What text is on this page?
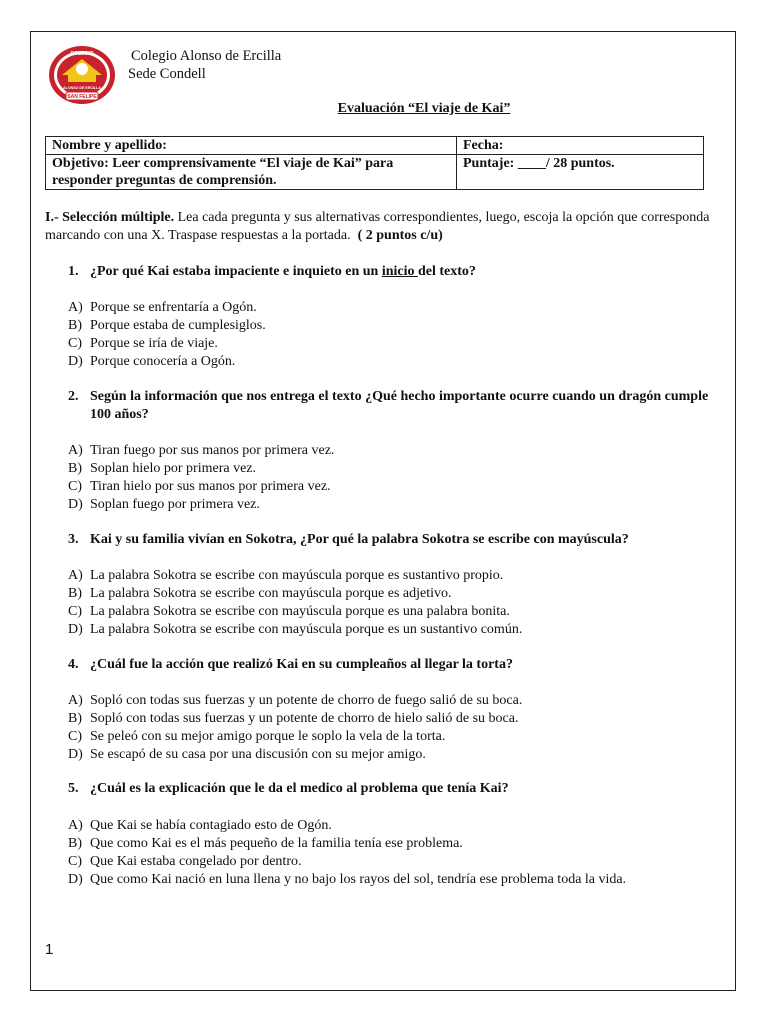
COLEGIO
ALONSO DE ERCILLA
SAN FELIPE
Colegio Alonso de Ercilla
Sede Condell
Evaluación “El viaje de Kai”
Nombre y apellido:	Fecha:
Objetivo: Leer comprensivamente “El viaje de Kai” para responder preguntas de comprensión.	Puntaje: ____/ 28 puntos.
I.- Selección múltiple. Lea cada pregunta y sus alternativas correspondientes, luego, escoja la opción que corresponda marcando con una X. Traspase respuestas a la portada. ( 2 puntos c/u)
1. ¿Por qué Kai estaba impaciente e inquieto en un inicio del texto?
A) Porque se enfrentaría a Ogón.
B) Porque estaba de cumplesiglos.
C) Porque se iría de viaje.
D) Porque conocería a Ogón.
2. Según la información que nos entrega el texto ¿Qué hecho importante ocurre cuando un dragón cumple 100 años?
A) Tiran fuego por sus manos por primera vez.
B) Soplan hielo por primera vez.
C) Tiran hielo por sus manos por primera vez.
D) Soplan fuego por primera vez.
3. Kai y su familia vivían en Sokotra, ¿Por qué la palabra Sokotra se escribe con mayúscula?
A) La palabra Sokotra se escribe con mayúscula porque es sustantivo propio.
B) La palabra Sokotra se escribe con mayúscula porque es adjetivo.
C) La palabra Sokotra se escribe con mayúscula porque es una palabra bonita.
D) La palabra Sokotra se escribe con mayúscula porque es un sustantivo común.
4. ¿Cuál fue la acción que realizó Kai en su cumpleaños al llegar la torta?
A) Sopló con todas sus fuerzas y un potente de chorro de fuego salió de su boca.
B) Sopló con todas sus fuerzas y un potente de chorro de hielo salió de su boca.
C) Se peleó con su mejor amigo porque le soplo la vela de la torta.
D) Se escapó de su casa por una discusión con su mejor amigo.
5. ¿Cuál es la explicación que le da el medico al problema que tenía Kai?
A) Que Kai se había contagiado esto de Ogón.
B) Que como Kai es el más pequeño de la familia tenía ese problema.
C) Que Kai estaba congelado por dentro.
D) Que como Kai nació en luna llena y no bajo los rayos del sol, tendría ese problema toda la vida.
1
